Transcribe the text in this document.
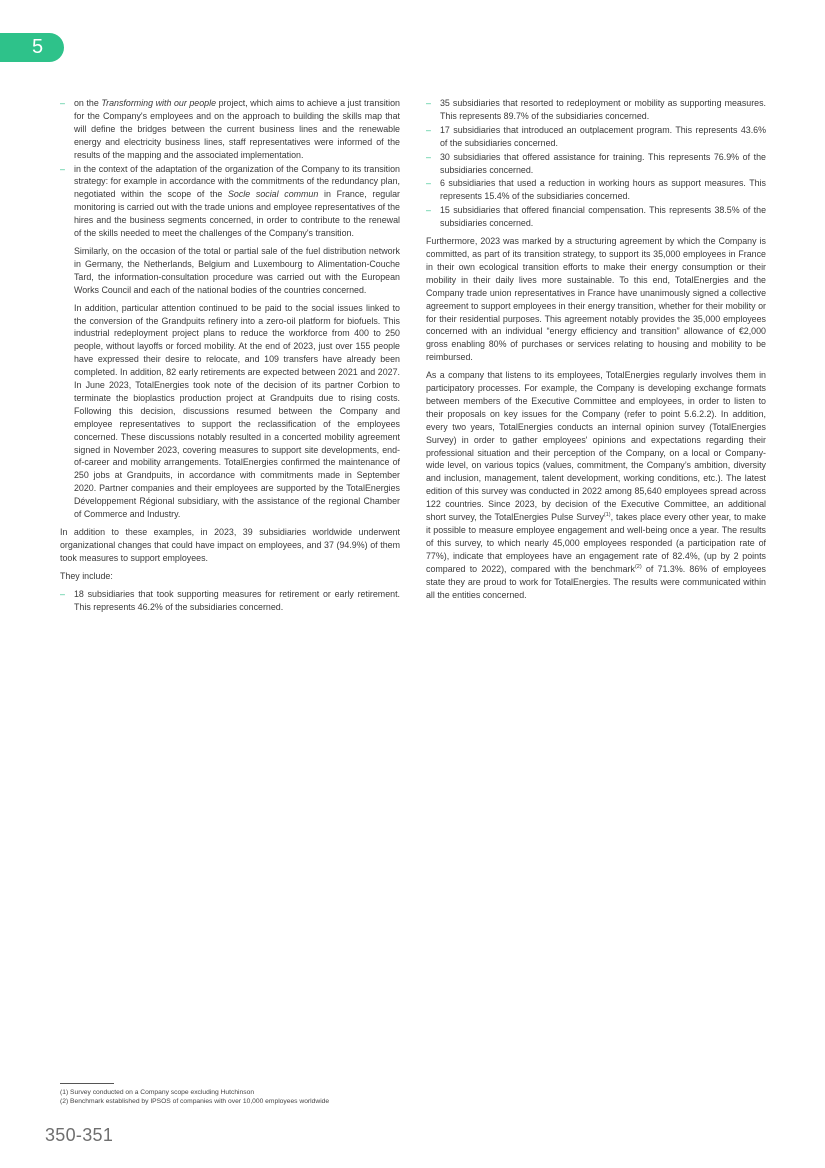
5
– on the Transforming with our people project, which aims to achieve a just transition for the Company's employees and on the approach to building the skills map that will define the bridges between the current business lines and the renewable energy and electricity business lines, staff representatives were informed of the results of the mapping and the associated implementation.
– in the context of the adaptation of the organization of the Company to its transition strategy: for example in accordance with the commitments of the redundancy plan, negotiated within the scope of the Socle social commun in France, regular monitoring is carried out with the trade unions and employee representatives of the hires and the business segments concerned, in order to contribute to the renewal of the skills needed to meet the challenges of the Company's transition.

Similarly, on the occasion of the total or partial sale of the fuel distribution network in Germany, the Netherlands, Belgium and Luxembourg to Alimentation-Couche Tard, the information-consultation procedure was carried out with the European Works Council and each of the national bodies of the countries concerned.

In addition, particular attention continued to be paid to the social issues linked to the conversion of the Grandpuits refinery into a zero-oil platform for biofuels. This industrial redeployment project plans to reduce the workforce from 400 to 250 people, without layoffs or forced mobility. At the end of 2023, just over 155 people have expressed their desire to relocate, and 109 transfers have already been completed. In addition, 82 early retirements are expected between 2021 and 2027. In June 2023, TotalEnergies took note of the decision of its partner Corbion to terminate the bioplastics production project at Grandpuits due to rising costs. Following this decision, discussions resumed between the Company and employee representatives to support the reclassification of the employees concerned. These discussions notably resulted in a concerted mobility agreement signed in November 2023, covering measures to support site developments, end-of-career and mobility arrangements. TotalEnergies confirmed the maintenance of 250 jobs at Grandpuits, in accordance with commitments made in September 2020. Partner companies and their employees are supported by the TotalEnergies Développement Régional subsidiary, with the assistance of the regional Chamber of Commerce and Industry.

In addition to these examples, in 2023, 39 subsidiaries worldwide underwent organizational changes that could have impact on employees, and 37 (94.9%) of them took measures to support employees.

They include:

– 18 subsidiaries that took supporting measures for retirement or early retirement. This represents 46.2% of the subsidiaries concerned.
– 35 subsidiaries that resorted to redeployment or mobility as supporting measures. This represents 89.7% of the subsidiaries concerned.
– 17 subsidiaries that introduced an outplacement program. This represents 43.6% of the subsidiaries concerned.
– 30 subsidiaries that offered assistance for training. This represents 76.9% of the subsidiaries concerned.
– 6 subsidiaries that used a reduction in working hours as support measures. This represents 15.4% of the subsidiaries concerned.
– 15 subsidiaries that offered financial compensation. This represents 38.5% of the subsidiaries concerned.

Furthermore, 2023 was marked by a structuring agreement by which the Company is committed, as part of its transition strategy, to support its 35,000 employees in France in their own ecological transition efforts to make their energy consumption or their mobility in their daily lives more sustainable. To this end, TotalEnergies and the Company trade union representatives in France have unanimously signed a collective agreement to support employees in their energy transition, whether for their mobility or for their residential purposes. This agreement notably provides the 35,000 employees concerned with an individual “energy efficiency and transition” allowance of €2,000 gross enabling 80% of purchases or services relating to housing and mobility to be reimbursed.

As a company that listens to its employees, TotalEnergies regularly involves them in participatory processes. For example, the Company is developing exchange formats between members of the Executive Committee and employees, in order to listen to their proposals on key issues for the Company (refer to point 5.6.2.2). In addition, every two years, TotalEnergies conducts an internal opinion survey (TotalEnergies Survey) in order to gather employees' opinions and expectations regarding their professional situation and their perception of the Company, on a local or Company-wide level, on various topics (values, commitment, the Company’s ambition, diversity and inclusion, management, talent development, working conditions, etc.). The latest edition of this survey was conducted in 2022 among 85,640 employees spread across 122 countries. Since 2023, by decision of the Executive Committee, an additional short survey, the TotalEnergies Pulse Survey$^{(1)}$, takes place every other year, to make it possible to measure employee engagement and well-being once a year. The results of this survey, to which nearly 45,000 employees responded (a participation rate of 77%), indicate that employees have an engagement rate of 82.4%, (up by 2 points compared to 2022), compared with the benchmark$^{(2)}$ of 71.3%. 86% of employees state they are proud to work for TotalEnergies. The results were communicated within all the entities concerned.

(1) Survey conducted on a Company scope excluding Hutchinson
(2) Benchmark established by IPSOS of companies with over 10,000 employees worldwide
350-351
